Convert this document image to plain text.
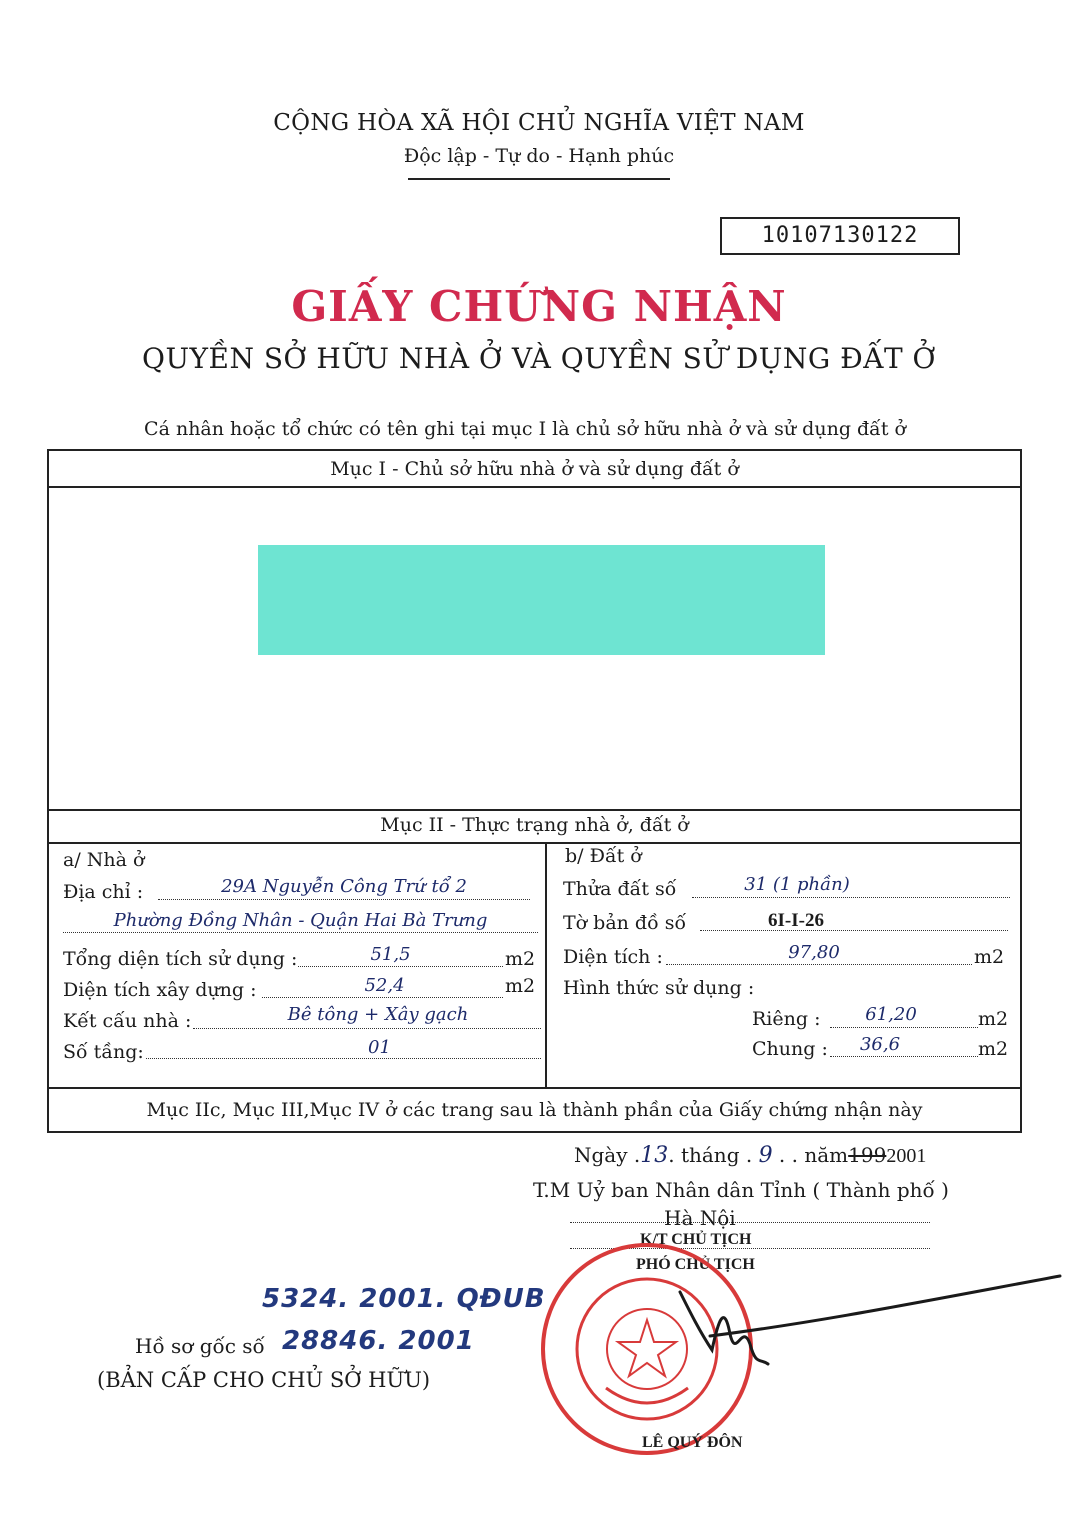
CỘNG HÒA XÃ HỘI CHỦ NGHĨA VIỆT NAM
Độc lập - Tự do - Hạnh phúc
10107130122
GIẤY CHỨNG NHẬN
QUYỀN SỞ HỮU NHÀ Ở VÀ QUYỀN SỬ DỤNG ĐẤT Ở
Cá nhân hoặc tổ chức có tên ghi tại mục I là chủ sở hữu nhà ở và sử dụng đất ở
Mục I - Chủ sở hữu nhà ở và sử dụng đất ở
Mục II - Thực trạng nhà ở, đất ở
a/ Nhà ở
Địa chỉ :	29A Nguyễn Công Trứ tổ 2
Phường Đồng Nhân - Quận Hai Bà Trưng
Tổng diện tích sử dụng :	51,5	m2
Diện tích xây dựng :	52,4	m2
Kết cấu nhà :	Bê tông + Xây gạch
Số tầng:	01
b/ Đất ở
Thửa đất số	31 (1 phần)
Tờ bản đồ số	6I-I-26
Diện tích :	97,80	m2
Hình thức sử dụng :
Riêng :	61,20	m2
Chung :	36,6	m2
Mục IIc, Mục III,Mục IV ở các trang sau là thành phần của Giấy chứng nhận này
Ngày .13. tháng . 9 . . năm1992001
T.M Uỷ ban Nhân dân Tỉnh ( Thành phố )
Hà Nội
K/T CHỦ TỊCH
PHÓ CHỦ TỊCH
LÊ QUÝ ĐÔN
5324. 2001. QĐUB
Hồ sơ gốc số 28846. 2001
(BẢN CẤP CHO CHỦ SỞ HỮU)
